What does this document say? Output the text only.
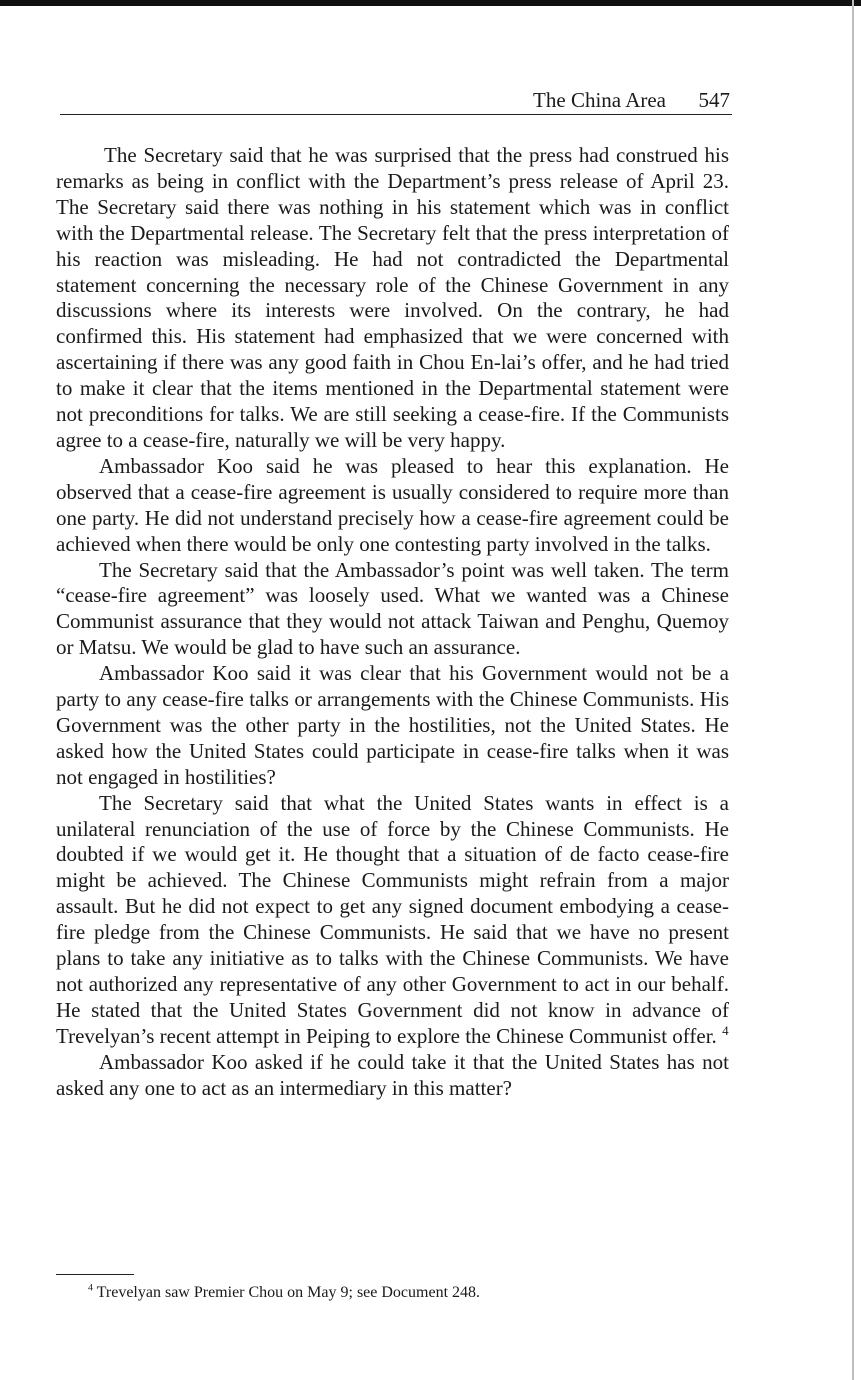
The China Area 547

The Secretary said that he was surprised that the press had construed his remarks as being in conflict with the Department’s press release of April 23. The Secretary said there was nothing in his statement which was in conflict with the Departmental release. The Secretary felt that the press interpretation of his reaction was misleading. He had not contradicted the Departmental statement concerning the necessary role of the Chinese Government in any discussions where its interests were involved. On the contrary, he had confirmed this. His statement had emphasized that we were concerned with ascertaining if there was any good faith in Chou En-lai’s offer, and he had tried to make it clear that the items mentioned in the Departmental statement were not preconditions for talks. We are still seeking a cease-fire. If the Communists agree to a cease-fire, naturally we will be very happy.

Ambassador Koo said he was pleased to hear this explanation. He observed that a cease-fire agreement is usually considered to require more than one party. He did not understand precisely how a cease-fire agreement could be achieved when there would be only one contesting party involved in the talks.

The Secretary said that the Ambassador’s point was well taken. The term “cease-fire agreement” was loosely used. What we wanted was a Chinese Communist assurance that they would not attack Taiwan and Penghu, Quemoy or Matsu. We would be glad to have such an assurance.

Ambassador Koo said it was clear that his Government would not be a party to any cease-fire talks or arrangements with the Chinese Communists. His Government was the other party in the hostilities, not the United States. He asked how the United States could participate in cease-fire talks when it was not engaged in hostilities?

The Secretary said that what the United States wants in effect is a unilateral renunciation of the use of force by the Chinese Communists. He doubted if we would get it. He thought that a situation of de facto cease-fire might be achieved. The Chinese Communists might refrain from a major assault. But he did not expect to get any signed document embodying a cease-fire pledge from the Chinese Communists. He said that we have no present plans to take any initiative as to talks with the Chinese Communists. We have not authorized any representative of any other Government to act in our behalf. He stated that the United States Government did not know in advance of Trevelyan’s recent attempt in Peiping to explore the Chinese Communist offer. $^4$

Ambassador Koo asked if he could take it that the United States has not asked any one to act as an intermediary in this matter?

$^4$ Trevelyan saw Premier Chou on May 9; see Document 248.
